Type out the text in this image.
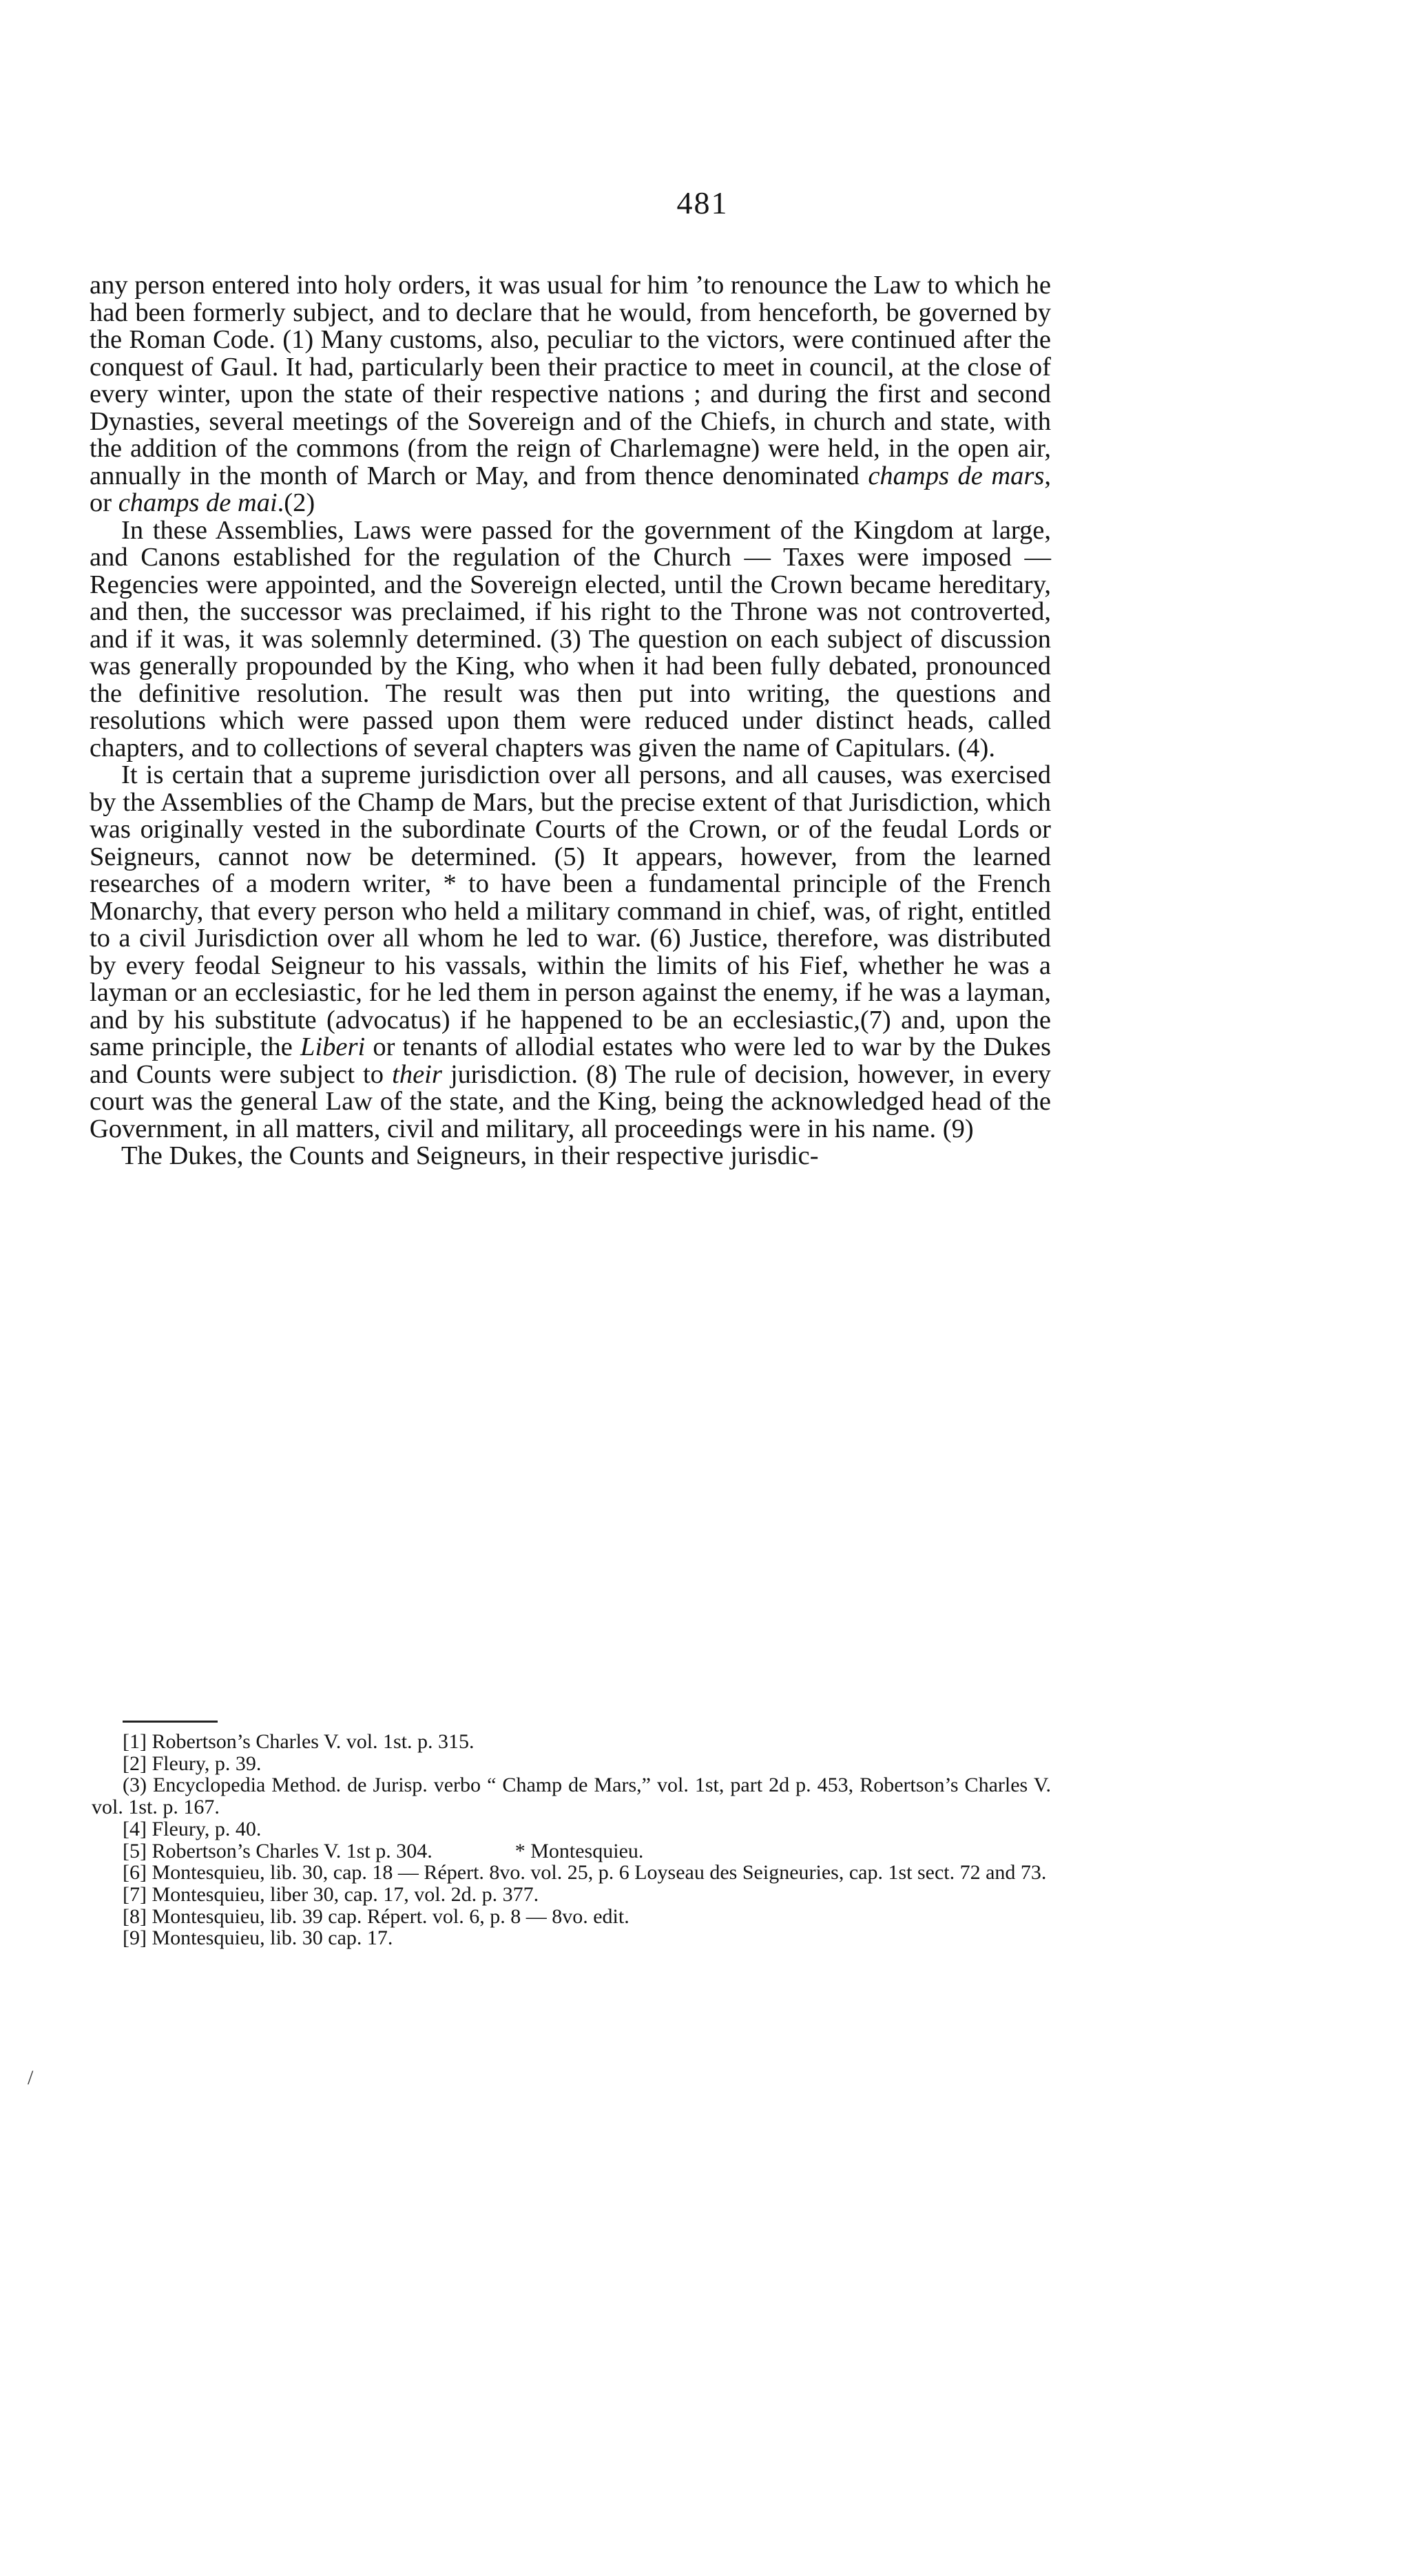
481

any person entered into holy orders, it was usual for him ’to renounce the Law to which he had been formerly subject, and to declare that he would, from henceforth, be governed by the Roman Code. (1) Many customs, also, peculiar to the victors, were continued after the conquest of Gaul. It had, particularly been their practice to meet in council, at the close of every winter, upon the state of their respective nations ; and during the first and second Dynasties, several meetings of the Sovereign and of the Chiefs, in church and state, with the addition of the commons (from the reign of Charlemagne) were held, in the open air, annually in the month of March or May, and from thence denominated champs de mars, or champs de mai.(2)

In these Assemblies, Laws were passed for the government of the Kingdom at large, and Canons established for the regulation of the Church — Taxes were imposed — Regencies were appointed, and the Sovereign elected, until the Crown became hereditary, and then, the successor was preclaimed, if his right to the Throne was not controverted, and if it was, it was solemnly determined. (3) The question on each subject of discussion was generally propounded by the King, who when it had been fully debated, pronounced the definitive resolution. The result was then put into writing, the questions and resolutions which were passed upon them were reduced under distinct heads, called chapters, and to collections of several chapters was given the name of Capitulars. (4).

It is certain that a supreme jurisdiction over all persons, and all causes, was exercised by the Assemblies of the Champ de Mars, but the precise extent of that Jurisdiction, which was originally vested in the subordinate Courts of the Crown, or of the feudal Lords or Seigneurs, cannot now be determined. (5) It appears, however, from the learned researches of a modern writer, * to have been a fundamental principle of the French Monarchy, that every person who held a military command in chief, was, of right, entitled to a civil Jurisdiction over all whom he led to war. (6) Justice, therefore, was distributed by every feodal Seigneur to his vassals, within the limits of his Fief, whether he was a layman or an ecclesiastic, for he led them in person against the enemy, if he was a layman, and by his substitute (advocatus) if he happened to be an ecclesiastic,(7) and, upon the same principle, the Liberi or tenants of allodial estates who were led to war by the Dukes and Counts were subject to their jurisdiction. (8) The rule of decision, however, in every court was the general Law of the state, and the King, being the acknowledged head of the Government, in all matters, civil and military, all proceedings were in his name. (9)

The Dukes, the Counts and Seigneurs, in their respective jurisdic-

[1] Robertson’s Charles V. vol. 1st. p. 315.

[2] Fleury, p. 39.

(3) Encyclopedia Method. de Jurisp. verbo “ Champ de Mars,” vol. 1st, part 2d p. 453, Robertson’s Charles V. vol. 1st. p. 167.

[4] Fleury, p. 40.

[5] Robertson’s Charles V. 1st p. 304.	* Montesquieu.

[6] Montesquieu, lib. 30, cap. 18 — Répert. 8vo. vol. 25, p. 6 Loyseau des Seigneuries, cap. 1st sect. 72 and 73.

[7] Montesquieu, liber 30, cap. 17, vol. 2d. p. 377.

[8] Montesquieu, lib. 39 cap. Répert. vol. 6, p. 8 — 8vo. edit.

[9] Montesquieu, lib. 30 cap. 17.

/
